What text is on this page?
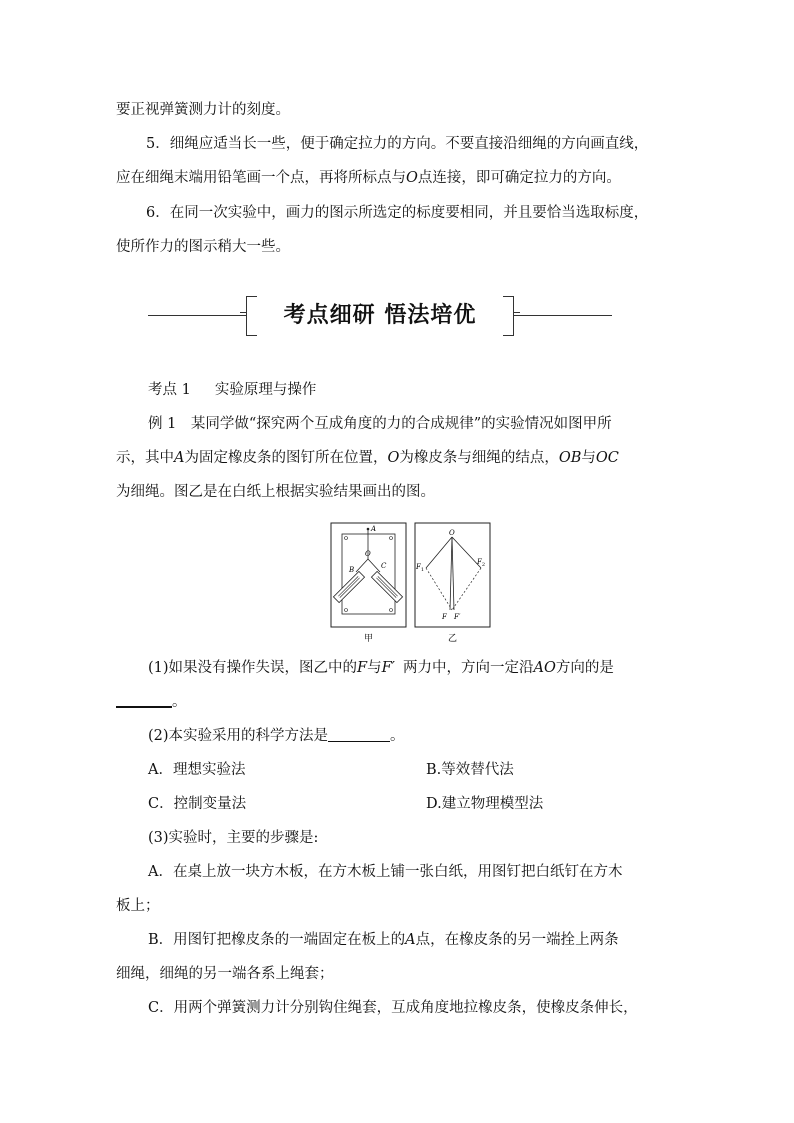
要正视弹簧测力计的刻度。

5．细绳应适当长一些，便于确定拉力的方向。不要直接沿细绳的方向画直线，

应在细绳末端用铅笔画一个点，再将所标点与O点连接，即可确定拉力的方向。

6．在同一次实验中，画力的图示所选定的标度要相同，并且要恰当选取标度，

使所作力的图示稍大一些。

考点细研 悟法培优

考点 1 实验原理与操作

例 1　某同学做“探究两个互成角度的力的合成规律”的实验情况如图甲所

示，其中A为固定橡皮条的图钉所在位置，O为橡皮条与细绳的结点，OB与OC

为细绳。图乙是在白纸上根据实验结果画出的图。

A
O
B	C
甲
O
$F_1$
$F_2$
F F′
乙

(1)如果没有操作失误，图乙中的F与F′ 两力中，方向一定沿AO方向的是

。

(2)本实验采用的科学方法是	。

A．理想实验法	B.等效替代法
C．控制变量法	D.建立物理模型法

(3)实验时，主要的步骤是:

A．在桌上放一块方木板，在方木板上铺一张白纸，用图钉把白纸钉在方木

板上；

B．用图钉把橡皮条的一端固定在板上的A点，在橡皮条的另一端拴上两条

细绳，细绳的另一端各系上绳套；

C．用两个弹簧测力计分别钩住绳套，互成角度地拉橡皮条，使橡皮条伸长，
